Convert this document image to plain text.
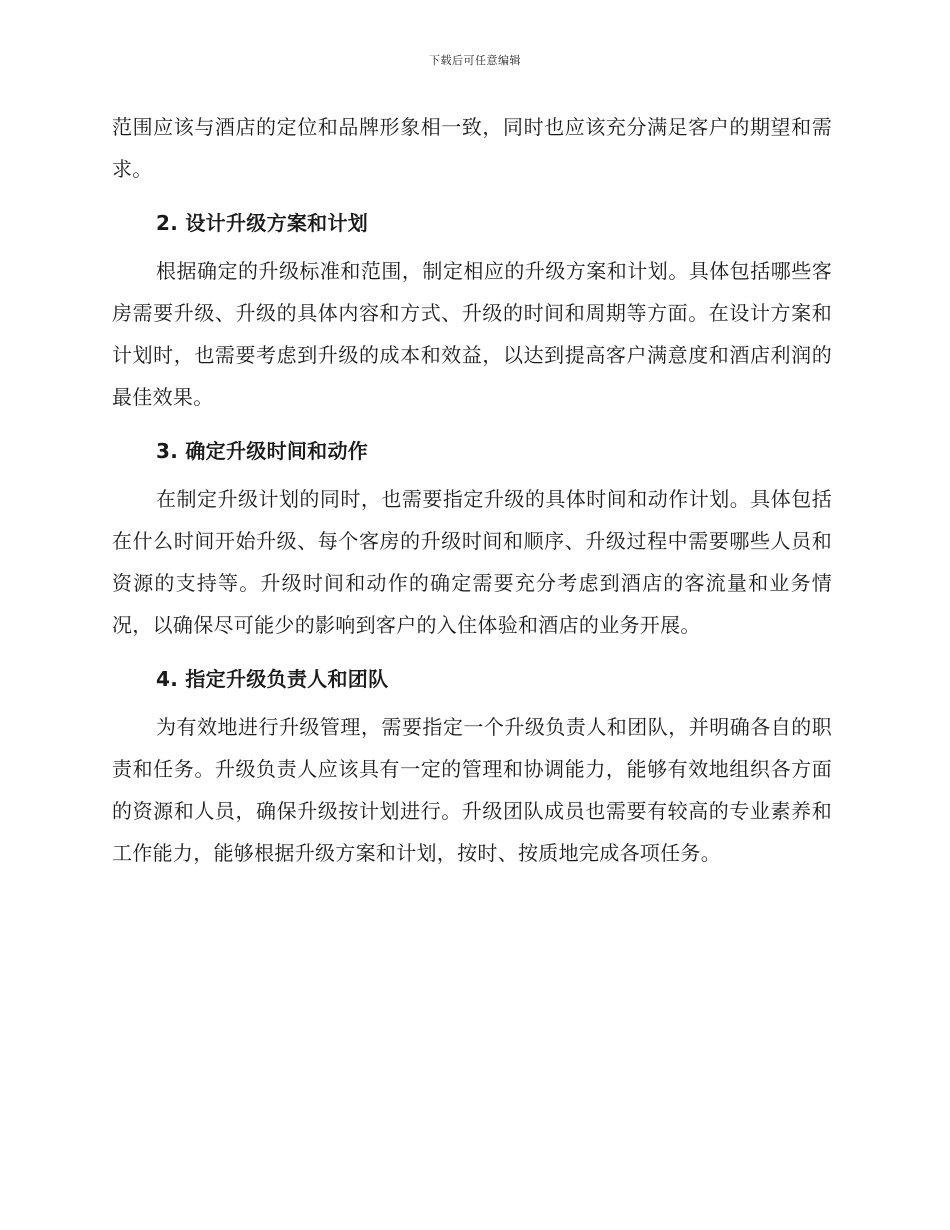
下载后可任意编辑

范围应该与酒店的定位和品牌形象相一致，同时也应该充分满足客户的期望和需求。

2. 设计升级方案和计划

根据确定的升级标准和范围，制定相应的升级方案和计划。具体包括哪些客房需要升级、升级的具体内容和方式、升级的时间和周期等方面。在设计方案和计划时，也需要考虑到升级的成本和效益，以达到提高客户满意度和酒店利润的最佳效果。

3. 确定升级时间和动作

在制定升级计划的同时，也需要指定升级的具体时间和动作计划。具体包括在什么时间开始升级、每个客房的升级时间和顺序、升级过程中需要哪些人员和资源的支持等。升级时间和动作的确定需要充分考虑到酒店的客流量和业务情况，以确保尽可能少的影响到客户的入住体验和酒店的业务开展。

4. 指定升级负责人和团队

为有效地进行升级管理，需要指定一个升级负责人和团队，并明确各自的职责和任务。升级负责人应该具有一定的管理和协调能力，能够有效地组织各方面的资源和人员，确保升级按计划进行。升级团队成员也需要有较高的专业素养和工作能力，能够根据升级方案和计划，按时、按质地完成各项任务。
